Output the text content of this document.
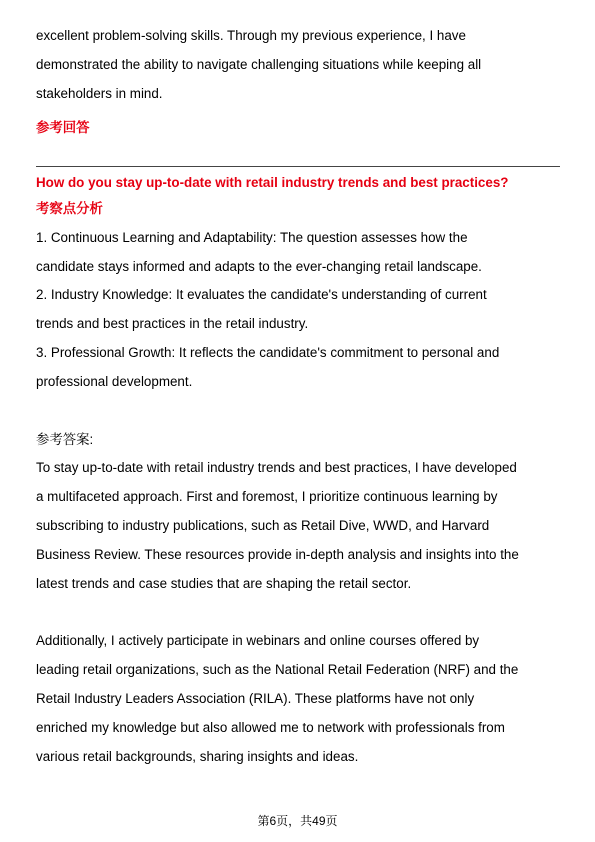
excellent problem-solving skills. Through my previous experience, I have

demonstrated the ability to navigate challenging situations while keeping all

stakeholders in mind.

参考回答

How do you stay up-to-date with retail industry trends and best practices?

考察点分析

1. Continuous Learning and Adaptability: The question assesses how the

candidate stays informed and adapts to the ever-changing retail landscape.

2. Industry Knowledge: It evaluates the candidate's understanding of current

trends and best practices in the retail industry.

3. Professional Growth: It reflects the candidate's commitment to personal and

professional development.

参考答案:

To stay up-to-date with retail industry trends and best practices, I have developed

a multifaceted approach. First and foremost, I prioritize continuous learning by

subscribing to industry publications, such as Retail Dive, WWD, and Harvard

Business Review. These resources provide in-depth analysis and insights into the

latest trends and case studies that are shaping the retail sector.

Additionally, I actively participate in webinars and online courses offered by

leading retail organizations, such as the National Retail Federation (NRF) and the

Retail Industry Leaders Association (RILA). These platforms have not only

enriched my knowledge but also allowed me to network with professionals from

various retail backgrounds, sharing insights and ideas.

第6页，共49页
